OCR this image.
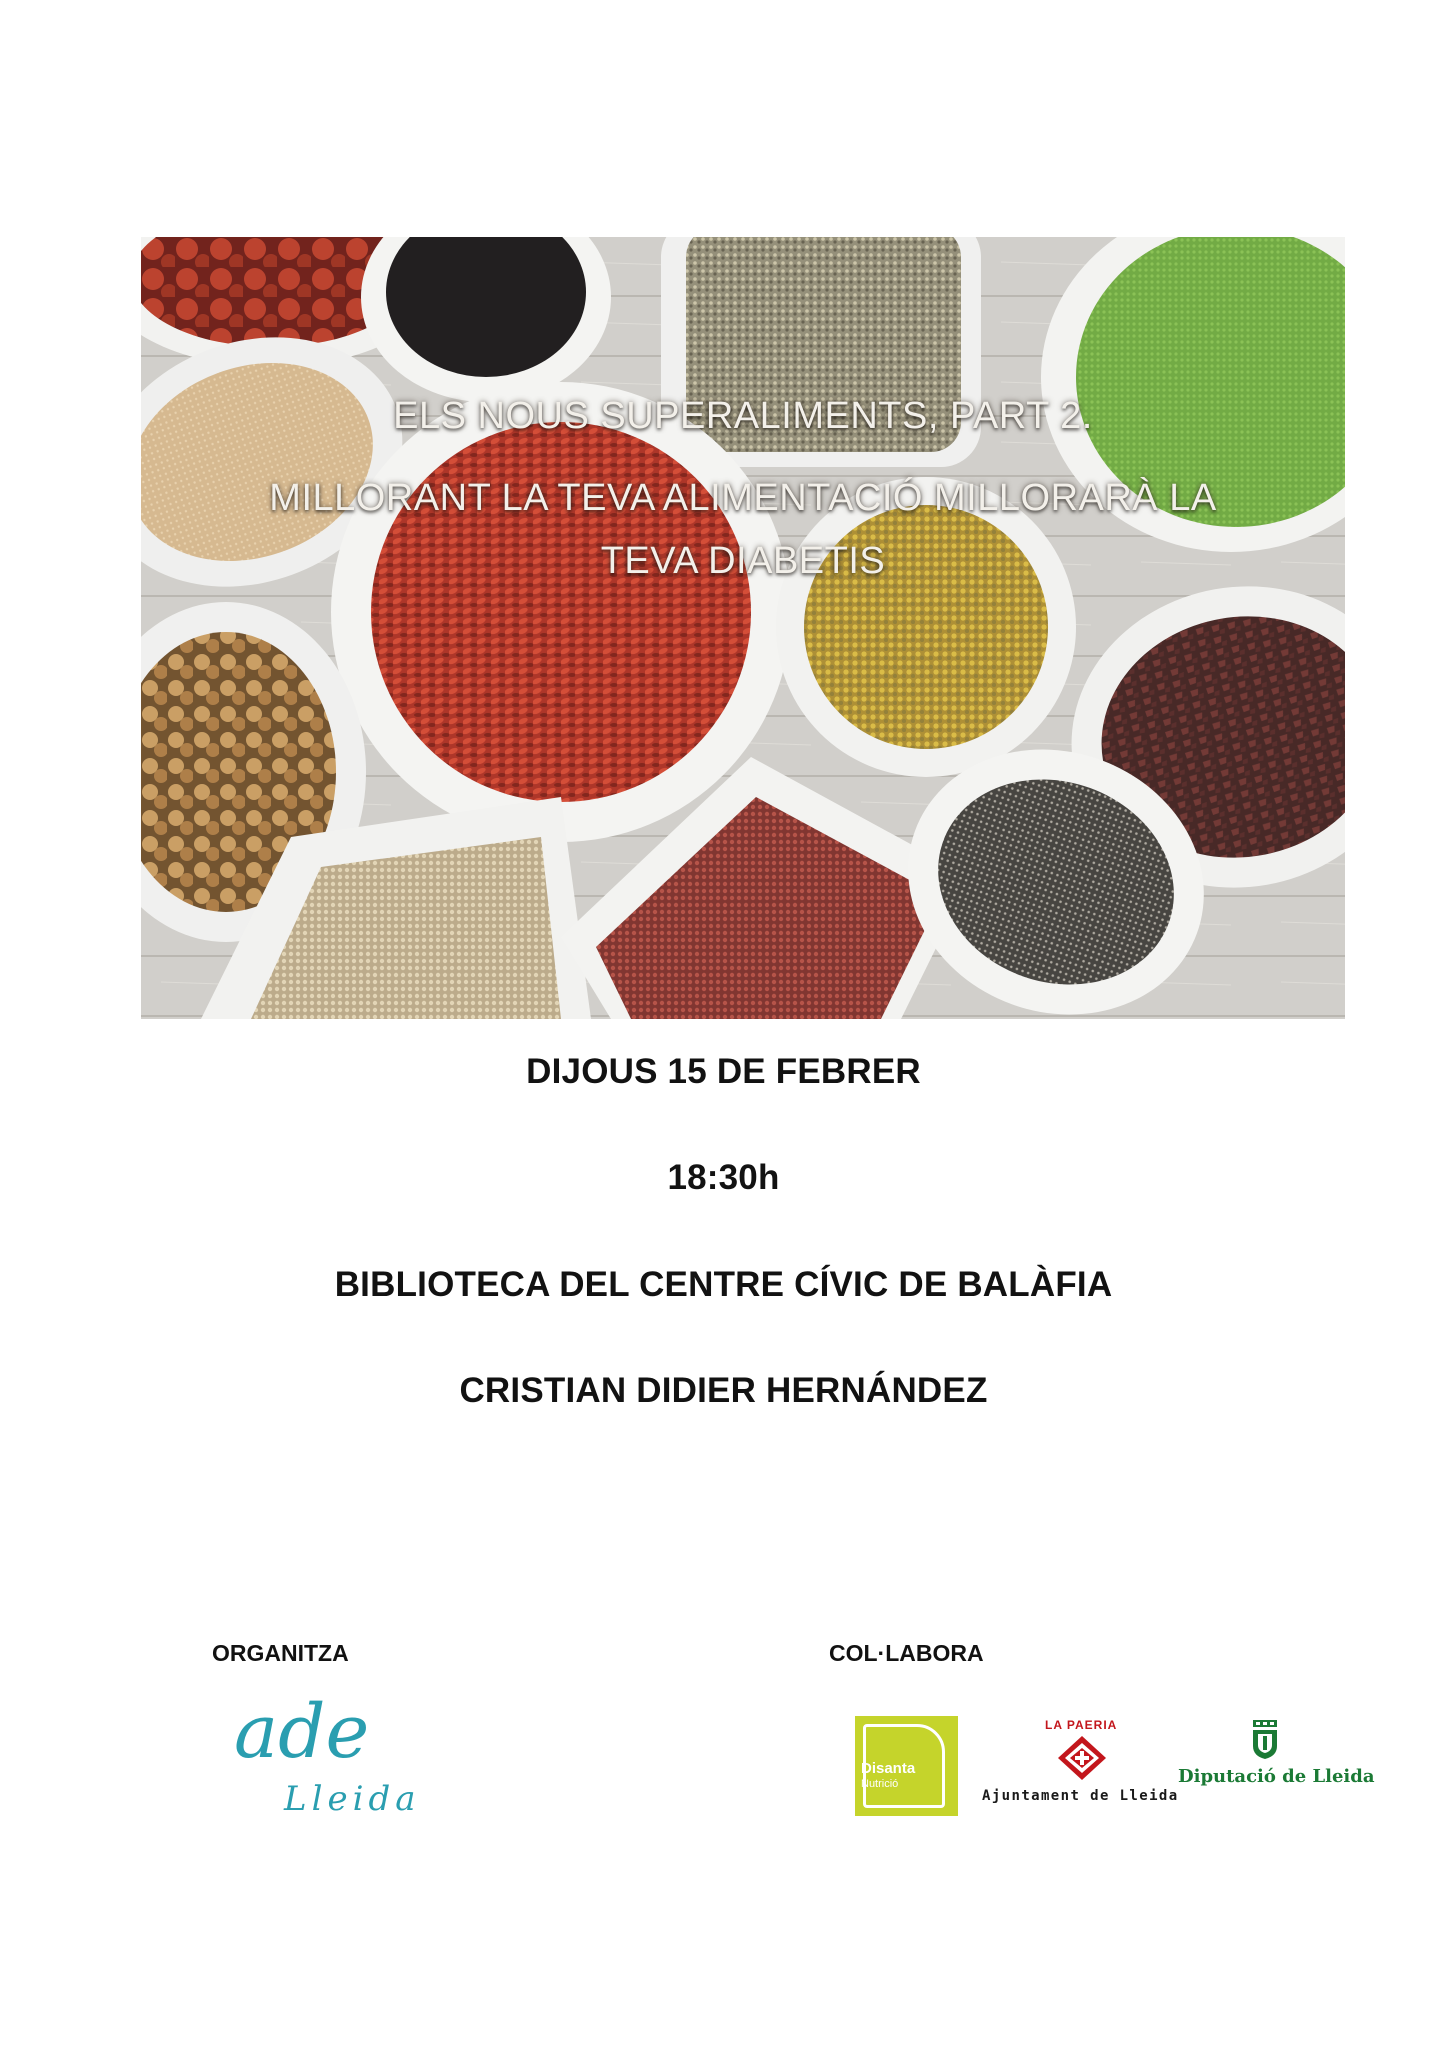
ELS NOUS SUPERALIMENTS, PART 2.
MILLORANT LA TEVA ALIMENTACIÓ MILLORARÀ LA
TEVA DIABETIS
DIJOUS 15 DE FEBRER
18:30h
BIBLIOTECA DEL CENTRE CÍVIC DE BALÀFIA
CRISTIAN DIDIER HERNÁNDEZ
ORGANITZA
ade
Lleida
COL·LABORA
Disanta
Nutrició
LA PAERIA
Ajuntament de Lleida
Diputació de Lleida
